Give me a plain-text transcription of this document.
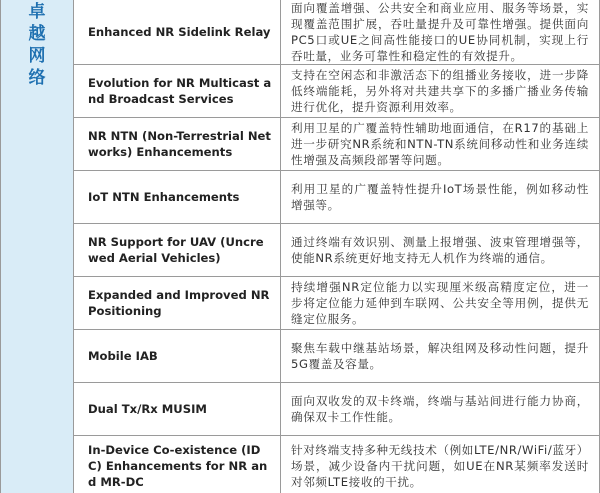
卓越网络	Enhanced NR Sidelink Relay	面向覆盖增强、公共安全和商业应用、服务等场景，实现覆盖范围扩展，吞吐量提升及可靠性增强。提供面向PC5口或UE之间高性能接口的UE协同机制，实现上行吞吐量，业务可靠性和稳定性的有效提升。
	Evolution for NR Multicast and Broadcast Services	支持在空闲态和非激活态下的组播业务接收，进一步降低终端能耗，另外将对共建共享下的多播广播业务传输进行优化，提升资源利用效率。
	NR NTN (Non-Terrestrial Networks) Enhancements	利用卫星的广覆盖特性辅助地面通信，在R17的基础上进一步研究NR系统和NTN-TN系统间移动性和业务连续性增强及高频段部署等问题。
	IoT NTN Enhancements	利用卫星的广覆盖特性提升IoT场景性能，例如移动性增强等。
	NR Support for UAV (Uncrewed Aerial Vehicles)	通过终端有效识别、测量上报增强、波束管理增强等，使能NR系统更好地支持无人机作为终端的通信。
	Expanded and Improved NR Positioning	持续增强NR定位能力以实现厘米级高精度定位，进一步将定位能力延伸到车联网、公共安全等用例，提供无缝定位服务。
	Mobile IAB	聚焦车载中继基站场景，解决组网及移动性问题，提升5G覆盖及容量。
	Dual Tx/Rx MUSIM	面向双收发的双卡终端，终端与基站间进行能力协商，确保双卡工作性能。
	In-Device Co-existence (IDC) Enhancements for NR and MR-DC	针对终端支持多种无线技术（例如LTE/NR/WiFi/蓝牙）场景，减少设备内干扰问题，如UE在NR某频率发送时对邻频LTE接收的干扰。
